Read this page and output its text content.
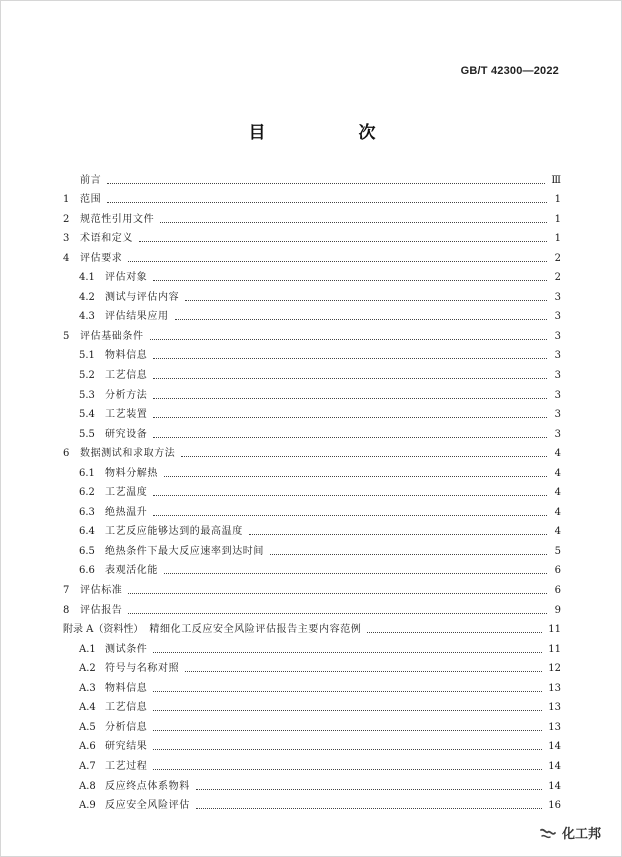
GB/T 42300—2022
目　次
前言	Ⅲ
1	范围	1
2	规范性引用文件	1
3	术语和定义	1
4	评估要求	2
4.1	评估对象	2
4.2	测试与评估内容	3
4.3	评估结果应用	3
5	评估基础条件	3
5.1	物料信息	3
5.2	工艺信息	3
5.3	分析方法	3
5.4	工艺装置	3
5.5	研究设备	3
6	数据测试和求取方法	4
6.1	物料分解热	4
6.2	工艺温度	4
6.3	绝热温升	4
6.4	工艺反应能够达到的最高温度	4
6.5	绝热条件下最大反应速率到达时间	5
6.6	表观活化能	6
7	评估标准	6
8	评估报告	9
附录 A（资料性） 精细化工反应安全风险评估报告主要内容范例	11
A.1 测试条件	11
A.2 符号与名称对照	12
A.3 物料信息	13
A.4 工艺信息	13
A.5 分析信息	13
A.6 研究结果	14
A.7 工艺过程	14
A.8 反应终点体系物料	14
A.9 反应安全风险评估	16
化工邦
